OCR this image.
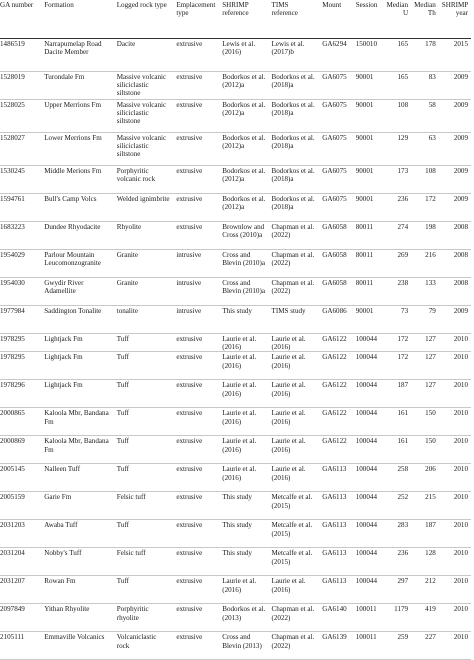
GA number	Formation	Logged rock type	Emplacement type	SHRIMP reference	TIMS reference	Mount	Session	Median U	Median Th	SHRIMP year
1486519	Narrapumelap Road Dacite Member	Dacite	extrusive	Lewis et al. (2016)	Lewis et al. (2017)b	GA6294	150010	165	178	2015
1528019	Turondale Fm	Massive volcanic siliciclastic siltstone	extrusive	Bodorkos et al. (2012)a	Bodorkos et al. (2018)a	GA6075	90001	165	83	2009
1528025	Upper Merrions Fm	Massive volcanic siliciclastic siltstone	extrusive	Bodorkos et al. (2012)a	Bodorkos et al. (2018)a	GA6075	90001	108	58	2009
1528027	Lower Merrions Fm	Massive volcanic siliciclastic siltstone	extrusive	Bodorkos et al. (2012)a	Bodorkos et al. (2018)a	GA6075	90001	129	63	2009
1530245	Middle Merions Fm	Porphyritic volcanic rock	extrusive	Bodorkos et al. (2012)a	Bodorkos et al. (2018)a	GA6075	90001	173	108	2009
1594761	Bull's Camp Volcs	Welded ignimbrite	extrusive	Bodorkos et al. (2012)a	Bodorkos et al. (2018)a	GA6075	90001	236	172	2009
1683223	Dundee Rhyodacite	Rhyolite	extrusive	Brownlow and Cross (2010)a	Chapman et al. (2022)	GA6058	80011	274	198	2008
1954029	Parlour Mountain Leucomonzogranite	Granite	intrusive	Cross and Blevin (2010)a	Chapman et al. (2022)	GA6058	80011	269	216	2008
1954030	Gwydir River Adamellite	Granite	intrusive	Cross and Blevin (2010)a	Chapman et al. (2022)	GA6058	80011	238	133	2008
1977984	Saddington Tonalite	tonalite	intrusive	This study	TIMS study	GA6086	90001	73	79	2009
1978295	Lightjack Fm	Tuff	extrusive	Laurie et al. (2016)	Laurie et al. (2016)	GA6122	100044	172	127	2010
1978295	Lightjack Fm	Tuff	extrusive	Laurie et al. (2016)	Laurie et al. (2016)	GA6122	100044	172	127	2010
1978296	Lightjack Fm	Tuff	extrusive	Laurie et al. (2016)	Laurie et al. (2016)	GA6122	100044	187	127	2010
2000865	Kaloola Mbr, Bandana Fm	Tuff	extrusive	Laurie et al. (2016)	Laurie et al. (2016)	GA6122	100044	161	150	2010
2000869	Kaloola Mbr, Bandana Fm	Tuff	extrusive	Laurie et al. (2016)	Laurie et al. (2016)	GA6122	100044	161	150	2010
2005145	Nalleen Tuff	Tuff	extrusive	Laurie et al. (2016)	Laurie et al. (2016)	GA6113	100044	258	206	2010
2005159	Garie Fm	Felsic tuff	extrusive	This study	Metcalfe et al. (2015)	GA6113	100044	252	215	2010
2031203	Awaba Tuff	Tuff	extrusive	This study	Metcalfe et al. (2015)	GA6113	100044	283	187	2010
2031204	Nobby's Tuff	Felsic tuff	extrusive	This study	Metcalfe et al. (2015)	GA6113	100044	236	128	2010
2031207	Rowan Fm	Tuff	extrusive	Laurie et al. (2016)	Laurie et al. (2016)	GA6113	100044	297	212	2010
2097849	Yithan Rhyolite	Porphyritic rhyolite	extrusive	Bodorkos et al. (2013)	Chapman et al. (2022)	GA6140	100011	1179	419	2010
2105111	Emmaville Volcanics	Volcaniclastic rock	extrusive	Cross and Blevin (2013)	Chapman et al. (2022)	GA6139	100011	259	227	2010
